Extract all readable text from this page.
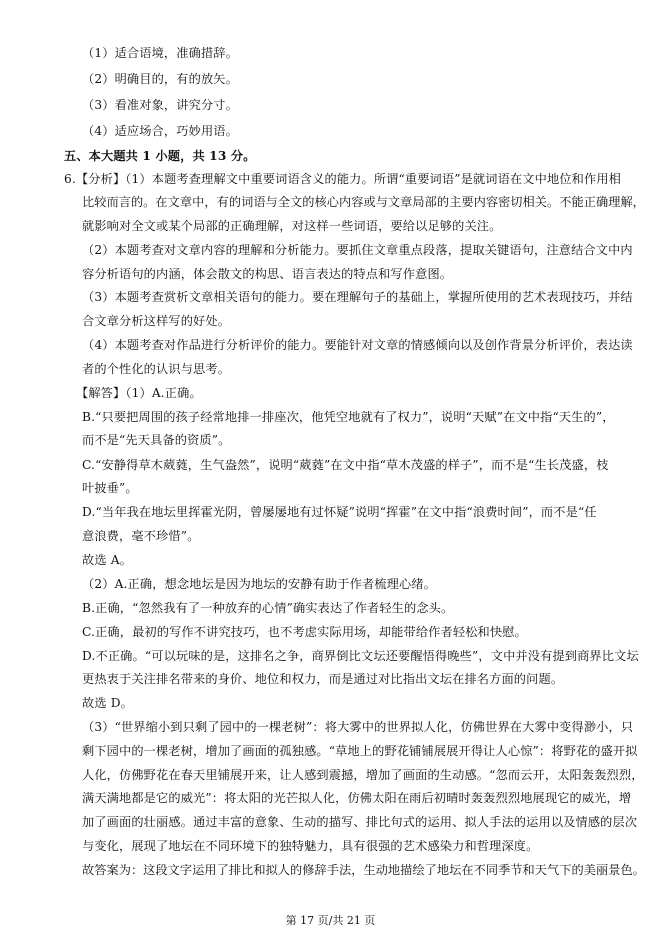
（1）适合语境，准确措辞。
（2）明确目的，有的放矢。
（3）看准对象，讲究分寸。
（4）适应场合，巧妙用语。
五、本大题共 1 小题，共 13 分。
6.【分析】（1）本题考查理解文中重要词语含义的能力。所谓“重要词语”是就词语在文中地位和作用相
比较而言的。在文章中，有的词语与全文的核心内容或与文章局部的主要内容密切相关。不能正确理解，
就影响对全文或某个局部的正确理解，对这样一些词语，要给以足够的关注。
（2）本题考查对文章内容的理解和分析能力。要抓住文章重点段落，提取关键语句，注意结合文中内
容分析语句的内涵，体会散文的构思、语言表达的特点和写作意图。
（3）本题考查赏析文章相关语句的能力。要在理解句子的基础上，掌握所使用的艺术表现技巧，并结
合文章分析这样写的好处。
（4）本题考查对作品进行分析评价的能力。要能针对文章的情感倾向以及创作背景分析评价，表达读
者的个性化的认识与思考。
【解答】（1）A.正确。
B.“只要把周围的孩子经常地排一排座次，他凭空地就有了权力”，说明“天赋”在文中指“天生的”，
而不是“先天具备的资质”。
C.“安静得草木葳蕤，生气盎然”，说明“葳蕤”在文中指“草木茂盛的样子”，而不是“生长茂盛，枝
叶披垂”。
D.“当年我在地坛里挥霍光阴，曾屡屡地有过怀疑”说明“挥霍”在文中指“浪费时间”，而不是“任
意浪费，毫不珍惜”。
故选 A。
（2）A.正确，想念地坛是因为地坛的安静有助于作者梳理心绪。
B.正确，“忽然我有了一种放弃的心情”确实表达了作者轻生的念头。
C.正确，最初的写作不讲究技巧，也不考虑实际用场，却能带给作者轻松和快慰。
D.不正确。“可以玩味的是，这排名之争，商界倒比文坛还要醒悟得晚些”，文中并没有提到商界比文坛
更热衷于关注排名带来的身价、地位和权力，而是通过对比指出文坛在排名方面的问题。
故选 D。
（3）“世界缩小到只剩了园中的一棵老树”：将大雾中的世界拟人化，仿佛世界在大雾中变得渺小，只
剩下园中的一棵老树，增加了画面的孤独感。“草地上的野花铺铺展展开得让人心惊”：将野花的盛开拟
人化，仿佛野花在春天里铺展开来，让人感到震撼，增加了画面的生动感。“忽而云开，太阳轰轰烈烈，
满天满地都是它的威光”：将太阳的光芒拟人化，仿佛太阳在雨后初晴时轰轰烈烈地展现它的威光，增
加了画面的壮丽感。通过丰富的意象、生动的描写、排比句式的运用、拟人手法的运用以及情感的层次
与变化，展现了地坛在不同环境下的独特魅力，具有很强的艺术感染力和哲理深度。
故答案为：这段文字运用了排比和拟人的修辞手法，生动地描绘了地坛在不同季节和天气下的美丽景色。
第 17 页/共 21 页
